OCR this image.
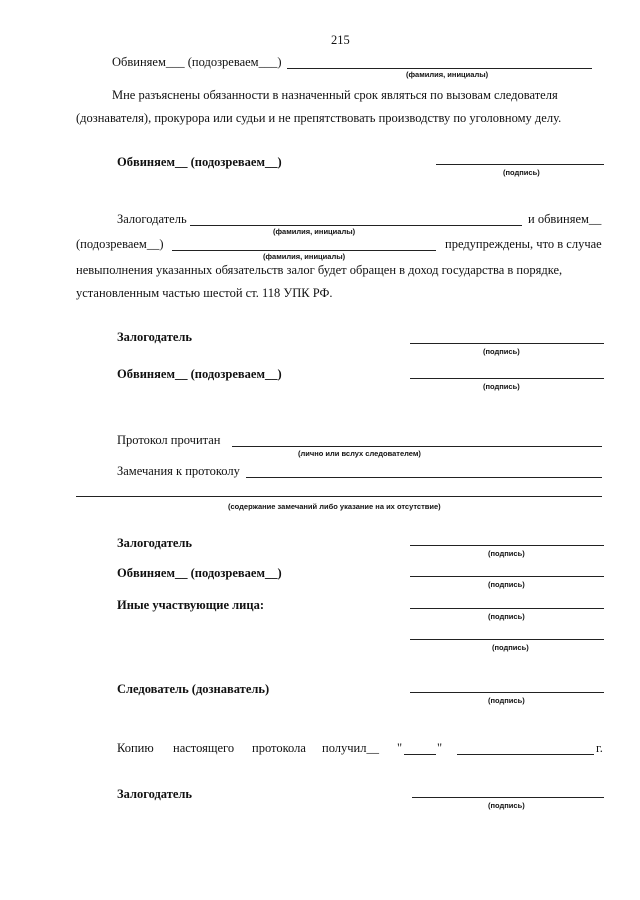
215
Обвиняем___ (подозреваем___)
(фамилия, инициалы)
Мне разъяснены обязанности в назначенный срок являться по вызовам следователя
(дознавателя), прокурора или судьи и не препятствовать производству по уголовному делу.
Обвиняем__ (подозреваем__)
(подпись)
Залогодатель	и обвиняем__
(фамилия, инициалы)
(подозреваем__)	предупреждены, что в случае
(фамилия, инициалы)
невыполнения указанных обязательств залог будет обращен в доход государства в порядке,
установленным частью шестой ст. 118 УПК РФ.
Залогодатель
(подпись)
Обвиняем__ (подозреваем__)
(подпись)
Протокол прочитан
(лично или вслух следователем)
Замечания к протоколу
(содержание замечаний либо указание на их отсутствие)
Залогодатель
(подпись)
Обвиняем__ (подозреваем__)
(подпись)
Иные участвующие лица:
(подпись)
(подпись)
Следователь (дознаватель)
(подпись)
Копию настоящего протокола получил__ "	"	г.
Залогодатель
(подпись)
